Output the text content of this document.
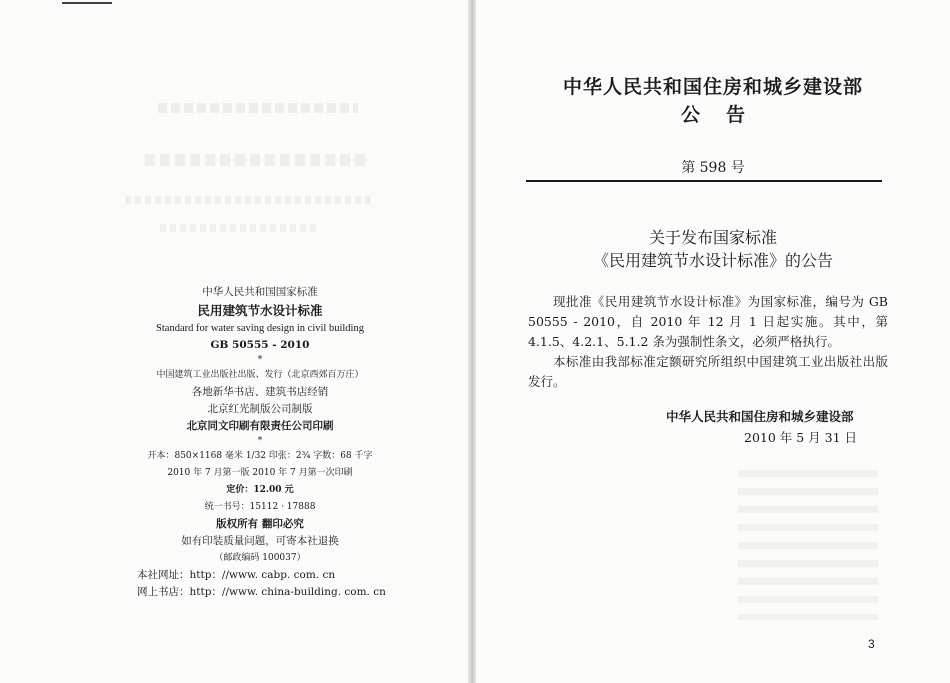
中华人民共和国国家标准
民用建筑节水设计标准
Standard for water saving design in civil building
GB 50555 - 2010
*
中国建筑工业出版社出版、发行（北京西郊百万庄）
各地新华书店、建筑书店经销
北京红光制版公司制版
北京同文印刷有限责任公司印刷
*
开本：850×1168 毫米 1/32 印张：2¾ 字数：68 千字
2010 年 7 月第一版 2010 年 7 月第一次印刷
定价：12.00 元
统一书号：15112 · 17888
版权所有 翻印必究
如有印装质量问题，可寄本社退换
（邮政编码 100037）
本社网址：http：//www. cabp. com. cn
网上书店：http：//www. china-building. com. cn
中华人民共和国住房和城乡建设部
公告
第 598 号
关于发布国家标准
《民用建筑节水设计标准》的公告

现批准《民用建筑节水设计标准》为国家标准，编号为 GB 50555 - 2010，自 2010 年 12 月 1 日起实施。其中，第 4.1.5、4.2.1、5.1.2 条为强制性条文，必须严格执行。

本标准由我部标准定额研究所组织中国建筑工业出版社出版发行。

中华人民共和国住房和城乡建设部
2010 年 5 月 31 日
3
